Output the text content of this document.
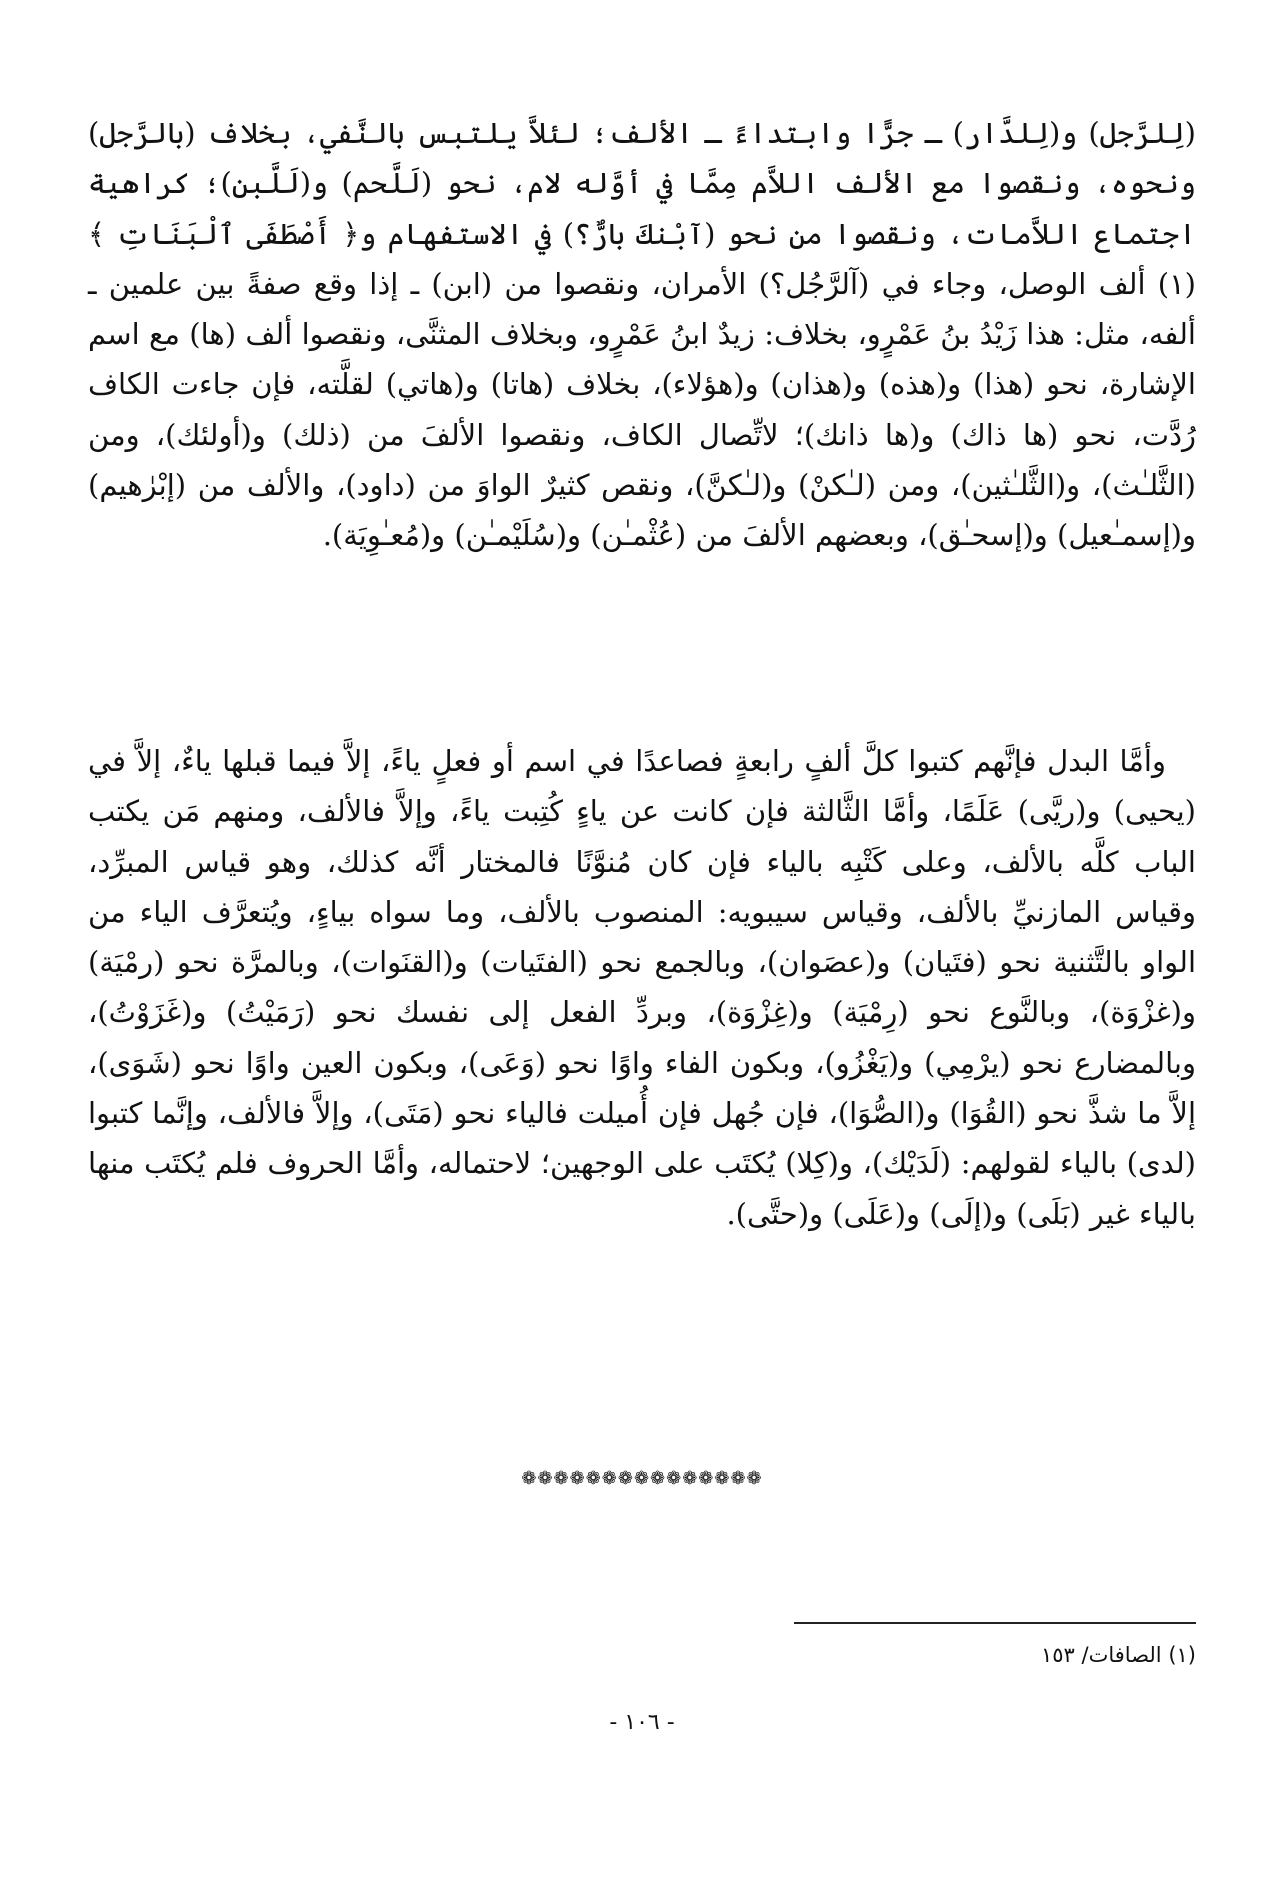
(لِلرَّجل) و(لِلدَّار) ـ جرًّا وابتداءً ـ الألف؛ لئلاَّ يلتبس بالنَّفي، بخلاف (بالرَّجل) ونحوه، ونقصوا مع الألف اللاَّم مِمَّا في أوَّله لام، نحو (لَلَّحم) و(لَلَّبن)؛ كراهية اجتماع اللاَّمات، ونقصوا من نحو (آبْنكَ بارٌّ؟) في الاستفهام و﴿ أَصْطَفَى ٱلْبَنَاتِ ﴾(١) ألف الوصل، وجاء في (آلرَّجُل؟) الأمران، ونقصوا من (ابن) ـ إذا وقع صفةً بين علمين ـ ألفه، مثل: هذا زَيْدُ بنُ عَمْرٍو، بخلاف: زيدٌ ابنُ عَمْرٍو، وبخلاف المثنَّى، ونقصوا ألف (ها) مع اسم الإشارة، نحو (هذا) و(هذه) و(هذان) و(هؤلاء)، بخلاف (هاتا) و(هاتي) لقلَّته، فإن جاءت الكاف رُدَّت، نحو (ها ذاك) و(ها ذانك)؛ لاتِّصال الكاف، ونقصوا الألفَ من (ذلك) و(أولئك)، ومن (الثَّلـٰث)، و(الثَّلـٰثين)، ومن (لـٰكنْ) و(لـٰكنَّ)، ونقص كثيرٌ الواوَ من (داود)، والألف من (إبْرٰهيم) و(إسمـٰعيل) و(إسحـٰق)، وبعضهم الألفَ من (عُثْمـٰن) و(سُلَيْمـٰن) و(مُعـٰوِيَة).

وأمَّا البدل فإنَّهم كتبوا كلَّ ألفٍ رابعةٍ فصاعدًا في اسم أو فعلٍ ياءً، إلاَّ فيما قبلها ياءٌ، إلاَّ في (يحيى) و(ريَّى) عَلَمًا، وأمَّا الثَّالثة فإن كانت عن ياءٍ كُتِبت ياءً، وإلاَّ فالألف، ومنهم مَن يكتب الباب كلَّه بالألف، وعلى كَتْبِه بالياء فإن كان مُنوَّنًا فالمختار أنَّه كذلك، وهو قياس المبرِّد، وقياس المازنيِّ بالألف، وقياس سيبويه: المنصوب بالألف، وما سواه بياءٍ، ويُتعرَّف الياء من الواو بالتَّثنية نحو (فتَيان) و(عصَوان)، وبالجمع نحو (الفتَيات) و(القنَوات)، وبالمرَّة نحو (رمْيَة) و(غزْوَة)، وبالنَّوع نحو (رِمْيَة) و(غِزْوَة)، وبردِّ الفعل إلى نفسك نحو (رَمَيْتُ) و(غَزَوْتُ)، وبالمضارع نحو (يرْمِي) و(يَغْزُو)، وبكون الفاء واوًا نحو (وَعَى)، وبكون العين واوًا نحو (شَوَى)، إلاَّ ما شذَّ نحو (القُوَا) و(الصُّوَا)، فإن جُهل فإن أُميلت فالياء نحو (مَتَى)، وإلاَّ فالألف، وإنَّما كتبوا (لدى) بالياء لقولهم: (لَدَيْك)، و(كِلا) يُكتَب على الوجهين؛ لاحتماله، وأمَّا الحروف فلم يُكتَب منها بالياء غير (بَلَى) و(إلَى) و(عَلَى) و(حتَّى).

❁❁❁❁❁❁❁❁❁❁❁❁❁❁❁
(١) الصافات/ ١٥٣
- ١٠٦ -
